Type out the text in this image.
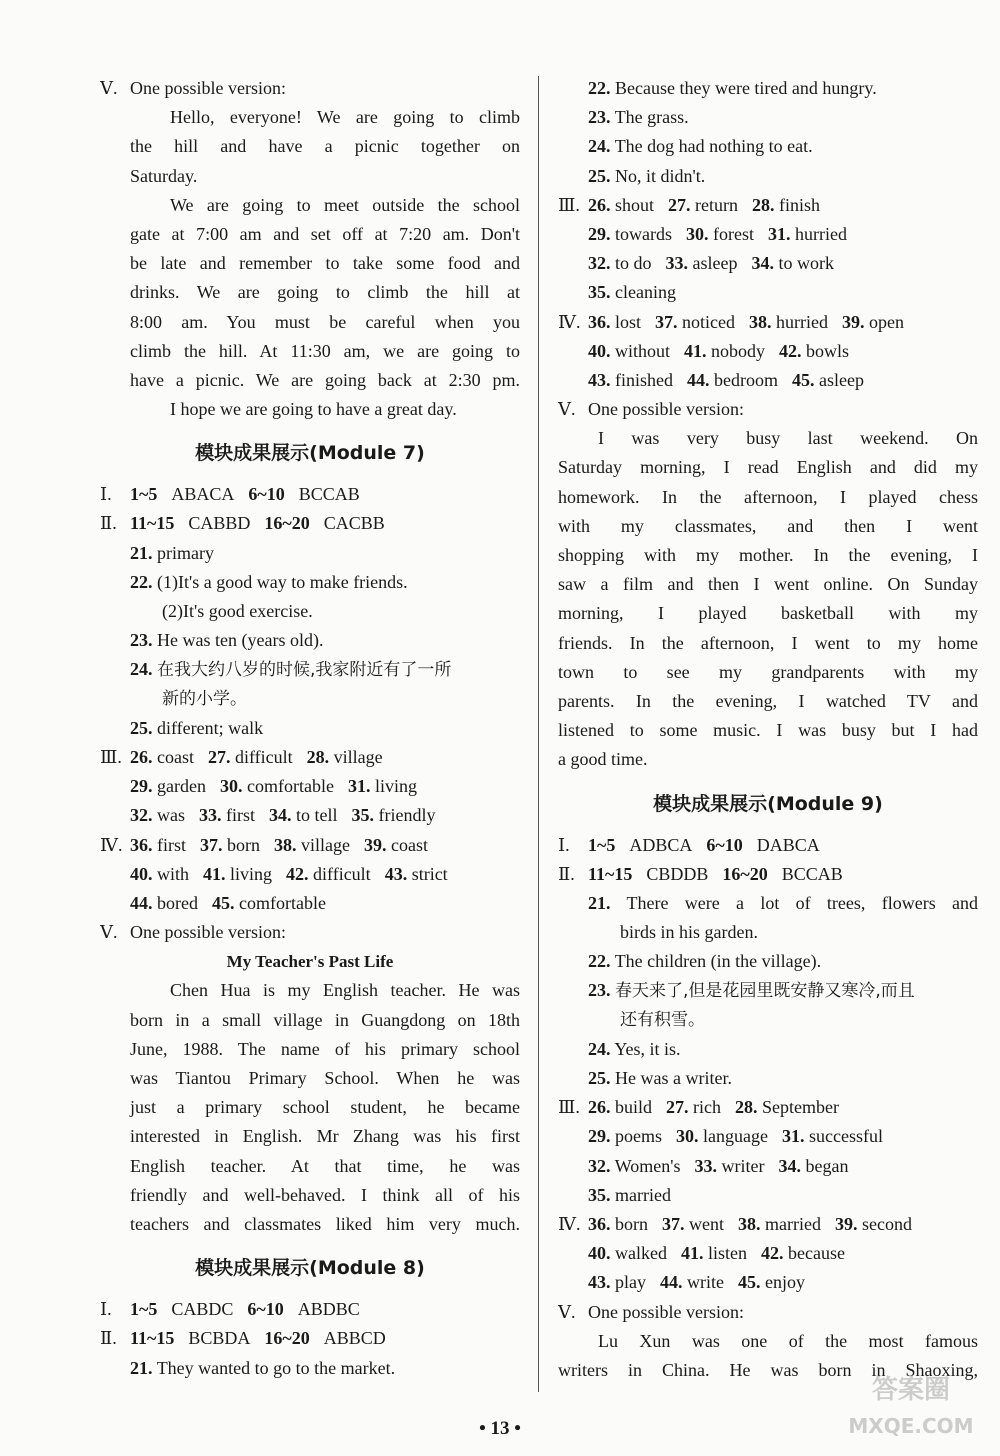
Ⅴ. One possible version:
Hello, everyone! We are going to climb
the hill and have a picnic together on
Saturday.
We are going to meet outside the school
gate at 7:00 am and set off at 7:20 am. Don't
be late and remember to take some food and
drinks. We are going to climb the hill at
8:00 am. You must be careful when you
climb the hill. At 11:30 am, we are going to
have a picnic. We are going back at 2:30 pm.
I hope we are going to have a great day.
模块成果展示(Module 7)
Ⅰ. 1~5 ABACA 6~10 BCCAB
Ⅱ. 11~15 CABBD 16~20 CACBB
21. primary
22. (1)It's a good way to make friends.
(2)It's good exercise.
23. He was ten (years old).
24. 在我大约八岁的时候,我家附近有了一所
新的小学。
25. different; walk
Ⅲ. 26. coast 27. difficult 28. village
29. garden 30. comfortable 31. living
32. was 33. first 34. to tell 35. friendly
Ⅳ. 36. first 37. born 38. village 39. coast
40. with 41. living 42. difficult 43. strict
44. bored 45. comfortable
Ⅴ. One possible version:
My Teacher's Past Life
Chen Hua is my English teacher. He was
born in a small village in Guangdong on 18th
June, 1988. The name of his primary school
was Tiantou Primary School. When he was
just a primary school student, he became
interested in English. Mr Zhang was his first
English teacher. At that time, he was
friendly and well-behaved. I think all of his
teachers and classmates liked him very much.
模块成果展示(Module 8)
Ⅰ. 1~5 CABDC 6~10 ABDBC
Ⅱ. 11~15 BCBDA 16~20 ABBCD
21. They wanted to go to the market.
22. Because they were tired and hungry.
23. The grass.
24. The dog had nothing to eat.
25. No, it didn't.
Ⅲ. 26. shout 27. return 28. finish
29. towards 30. forest 31. hurried
32. to do 33. asleep 34. to work
35. cleaning
Ⅳ. 36. lost 37. noticed 38. hurried 39. open
40. without 41. nobody 42. bowls
43. finished 44. bedroom 45. asleep
Ⅴ. One possible version:
I was very busy last weekend. On
Saturday morning, I read English and did my
homework. In the afternoon, I played chess
with my classmates, and then I went
shopping with my mother. In the evening, I
saw a film and then I went online. On Sunday
morning, I played basketball with my
friends. In the afternoon, I went to my home
town to see my grandparents with my
parents. In the evening, I watched TV and
listened to some music. I was busy but I had
a good time.
模块成果展示(Module 9)
Ⅰ. 1~5 ADBCA 6~10 DABCA
Ⅱ. 11~15 CBDDB 16~20 BCCAB
21. There were a lot of trees, flowers and
birds in his garden.
22. The children (in the village).
23. 春天来了,但是花园里既安静又寒冷,而且
还有积雪。
24. Yes, it is.
25. He was a writer.
Ⅲ. 26. build 27. rich 28. September
29. poems 30. language 31. successful
32. Women's 33. writer 34. began
35. married
Ⅳ. 36. born 37. went 38. married 39. second
40. walked 41. listen 42. because
43. play 44. write 45. enjoy
Ⅴ. One possible version:
Lu Xun was one of the most famous
writers in China. He was born in Shaoxing,
• 13 •
答案圈
MXQE.COM
